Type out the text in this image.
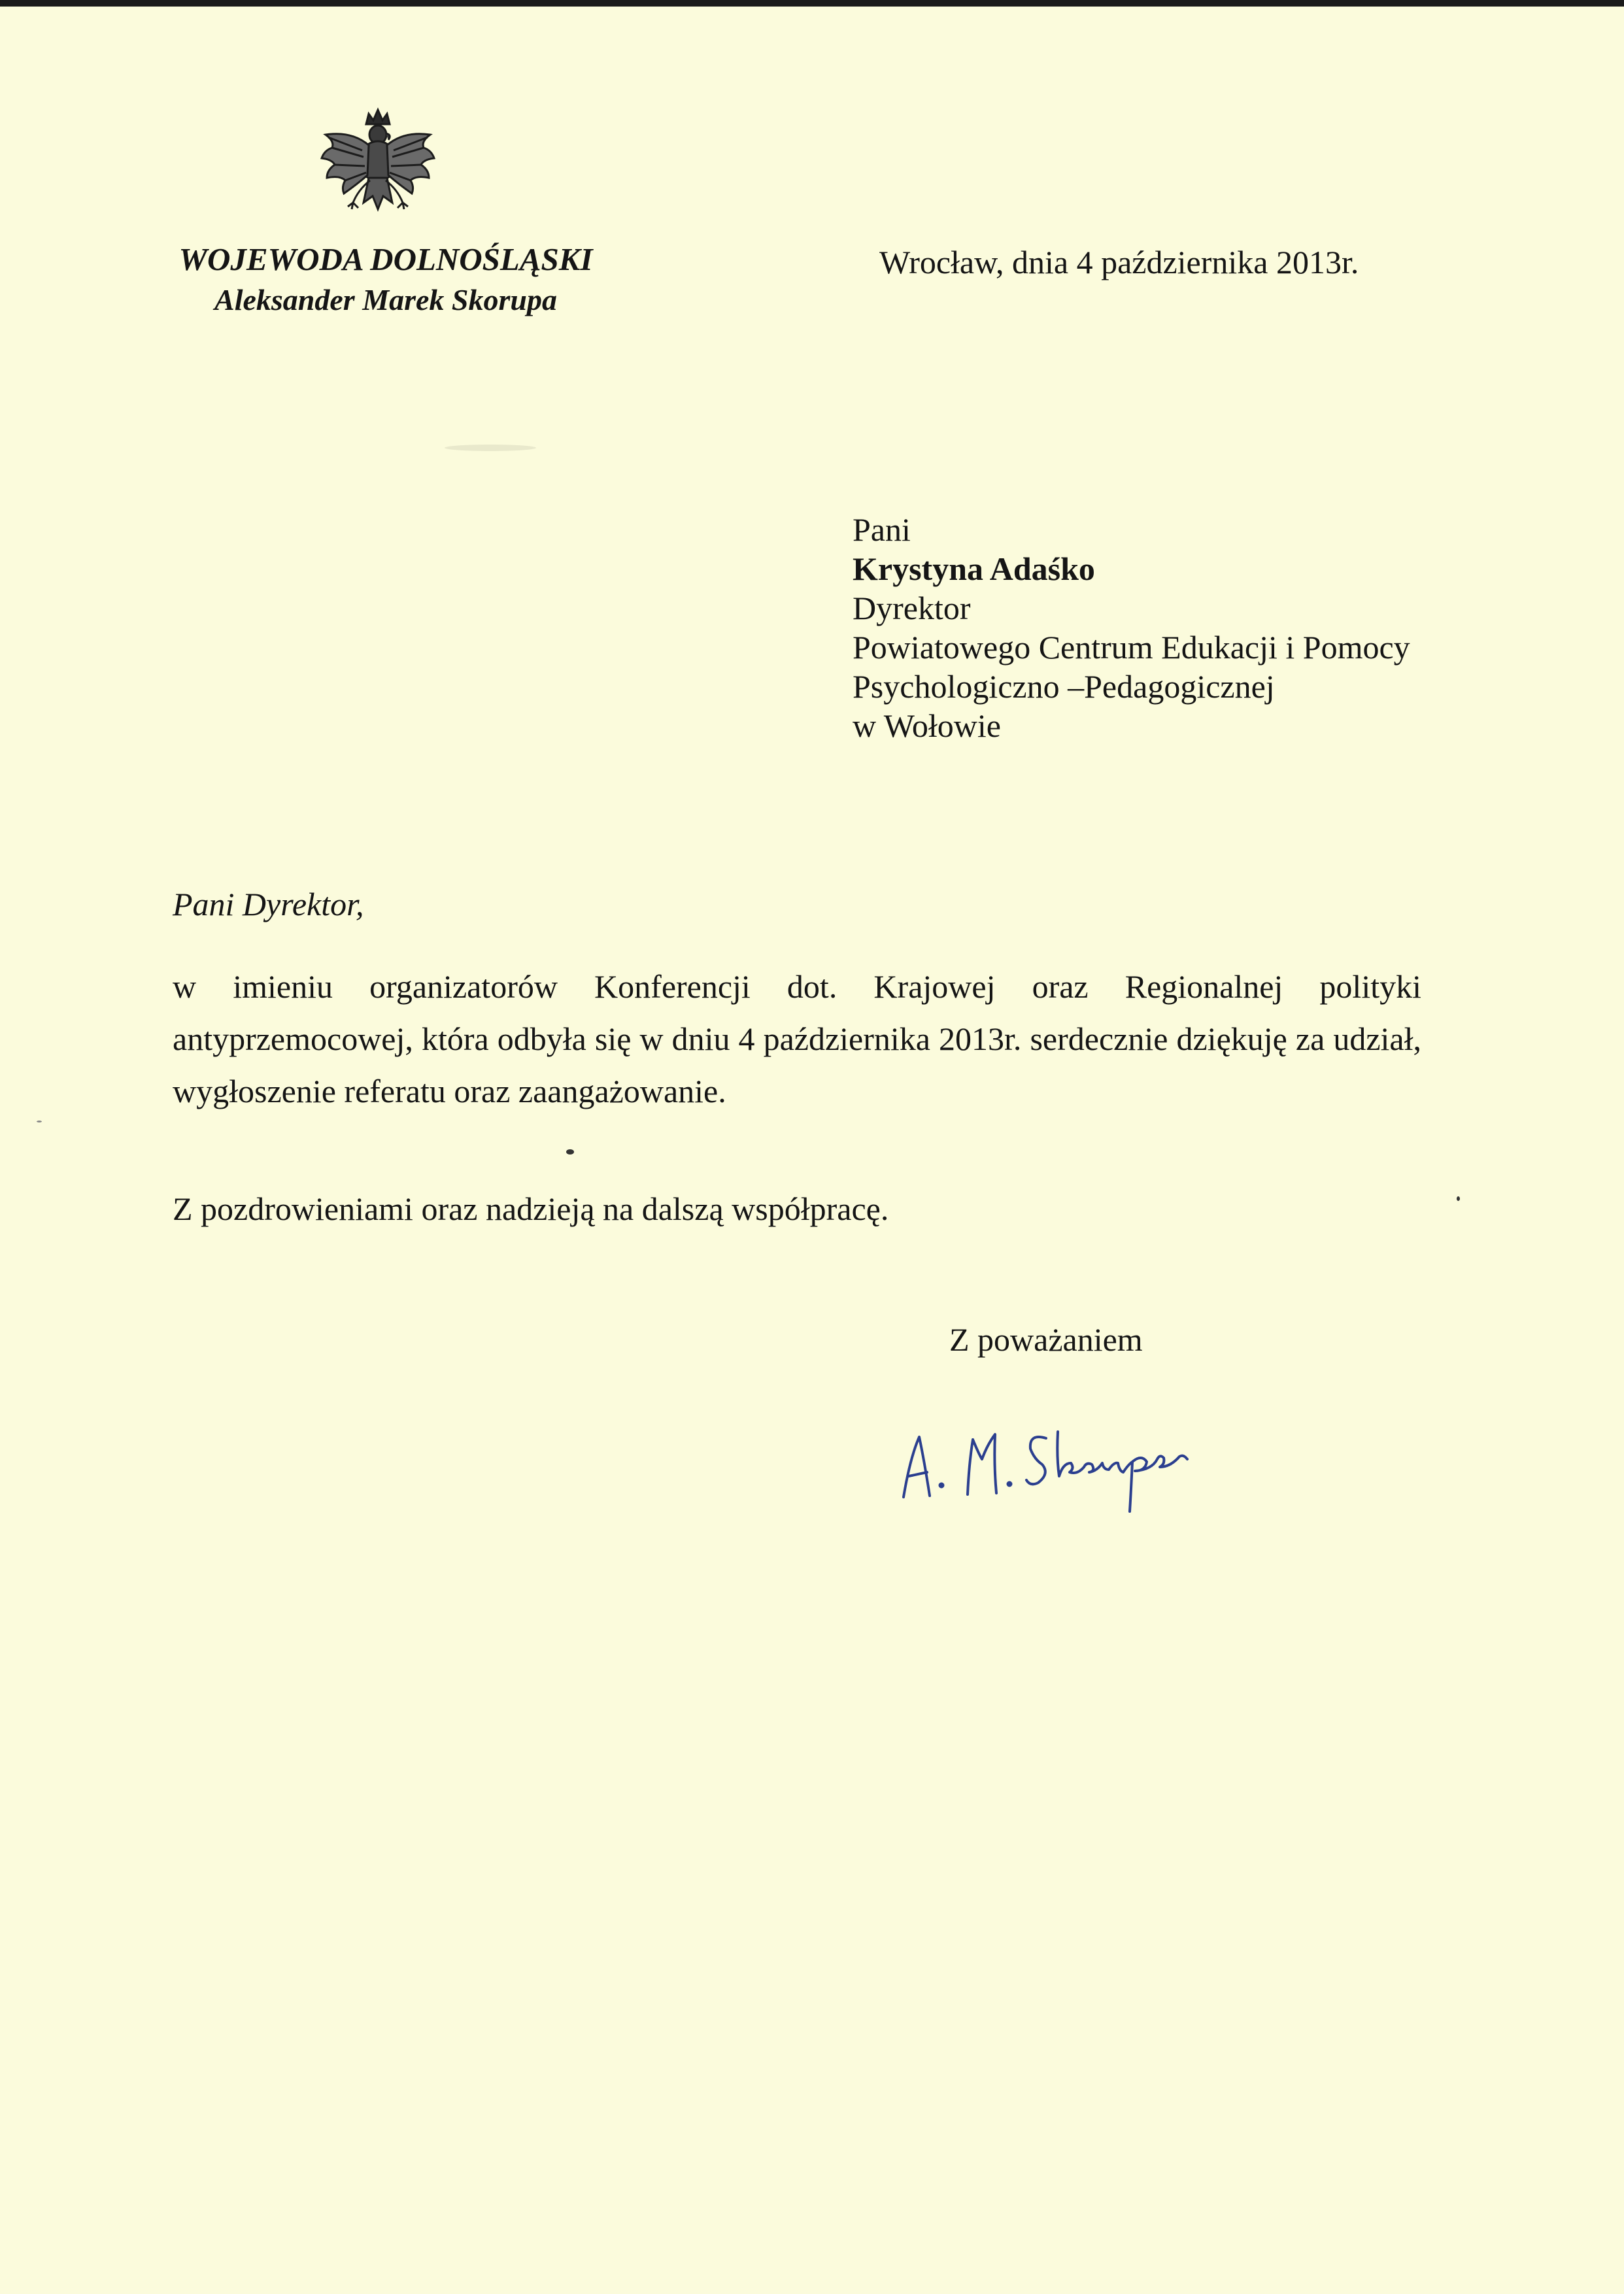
WOJEWODA DOLNOŚLĄSKI
Aleksander Marek Skorupa
Wrocław, dnia 4 października 2013r.
Pani
Krystyna Adaśko
Dyrektor
Powiatowego Centrum Edukacji i Pomocy
Psychologiczno –Pedagogicznej
w Wołowie
Pani Dyrektor,
w imieniu organizatorów Konferencji dot. Krajowej oraz Regionalnej polityki antyprzemocowej, która odbyła się w dniu 4 października 2013r. serdecznie dziękuję za udział, wygłoszenie referatu oraz zaangażowanie.
Z pozdrowieniami oraz nadzieją na dalszą współpracę.
Z poważaniem
